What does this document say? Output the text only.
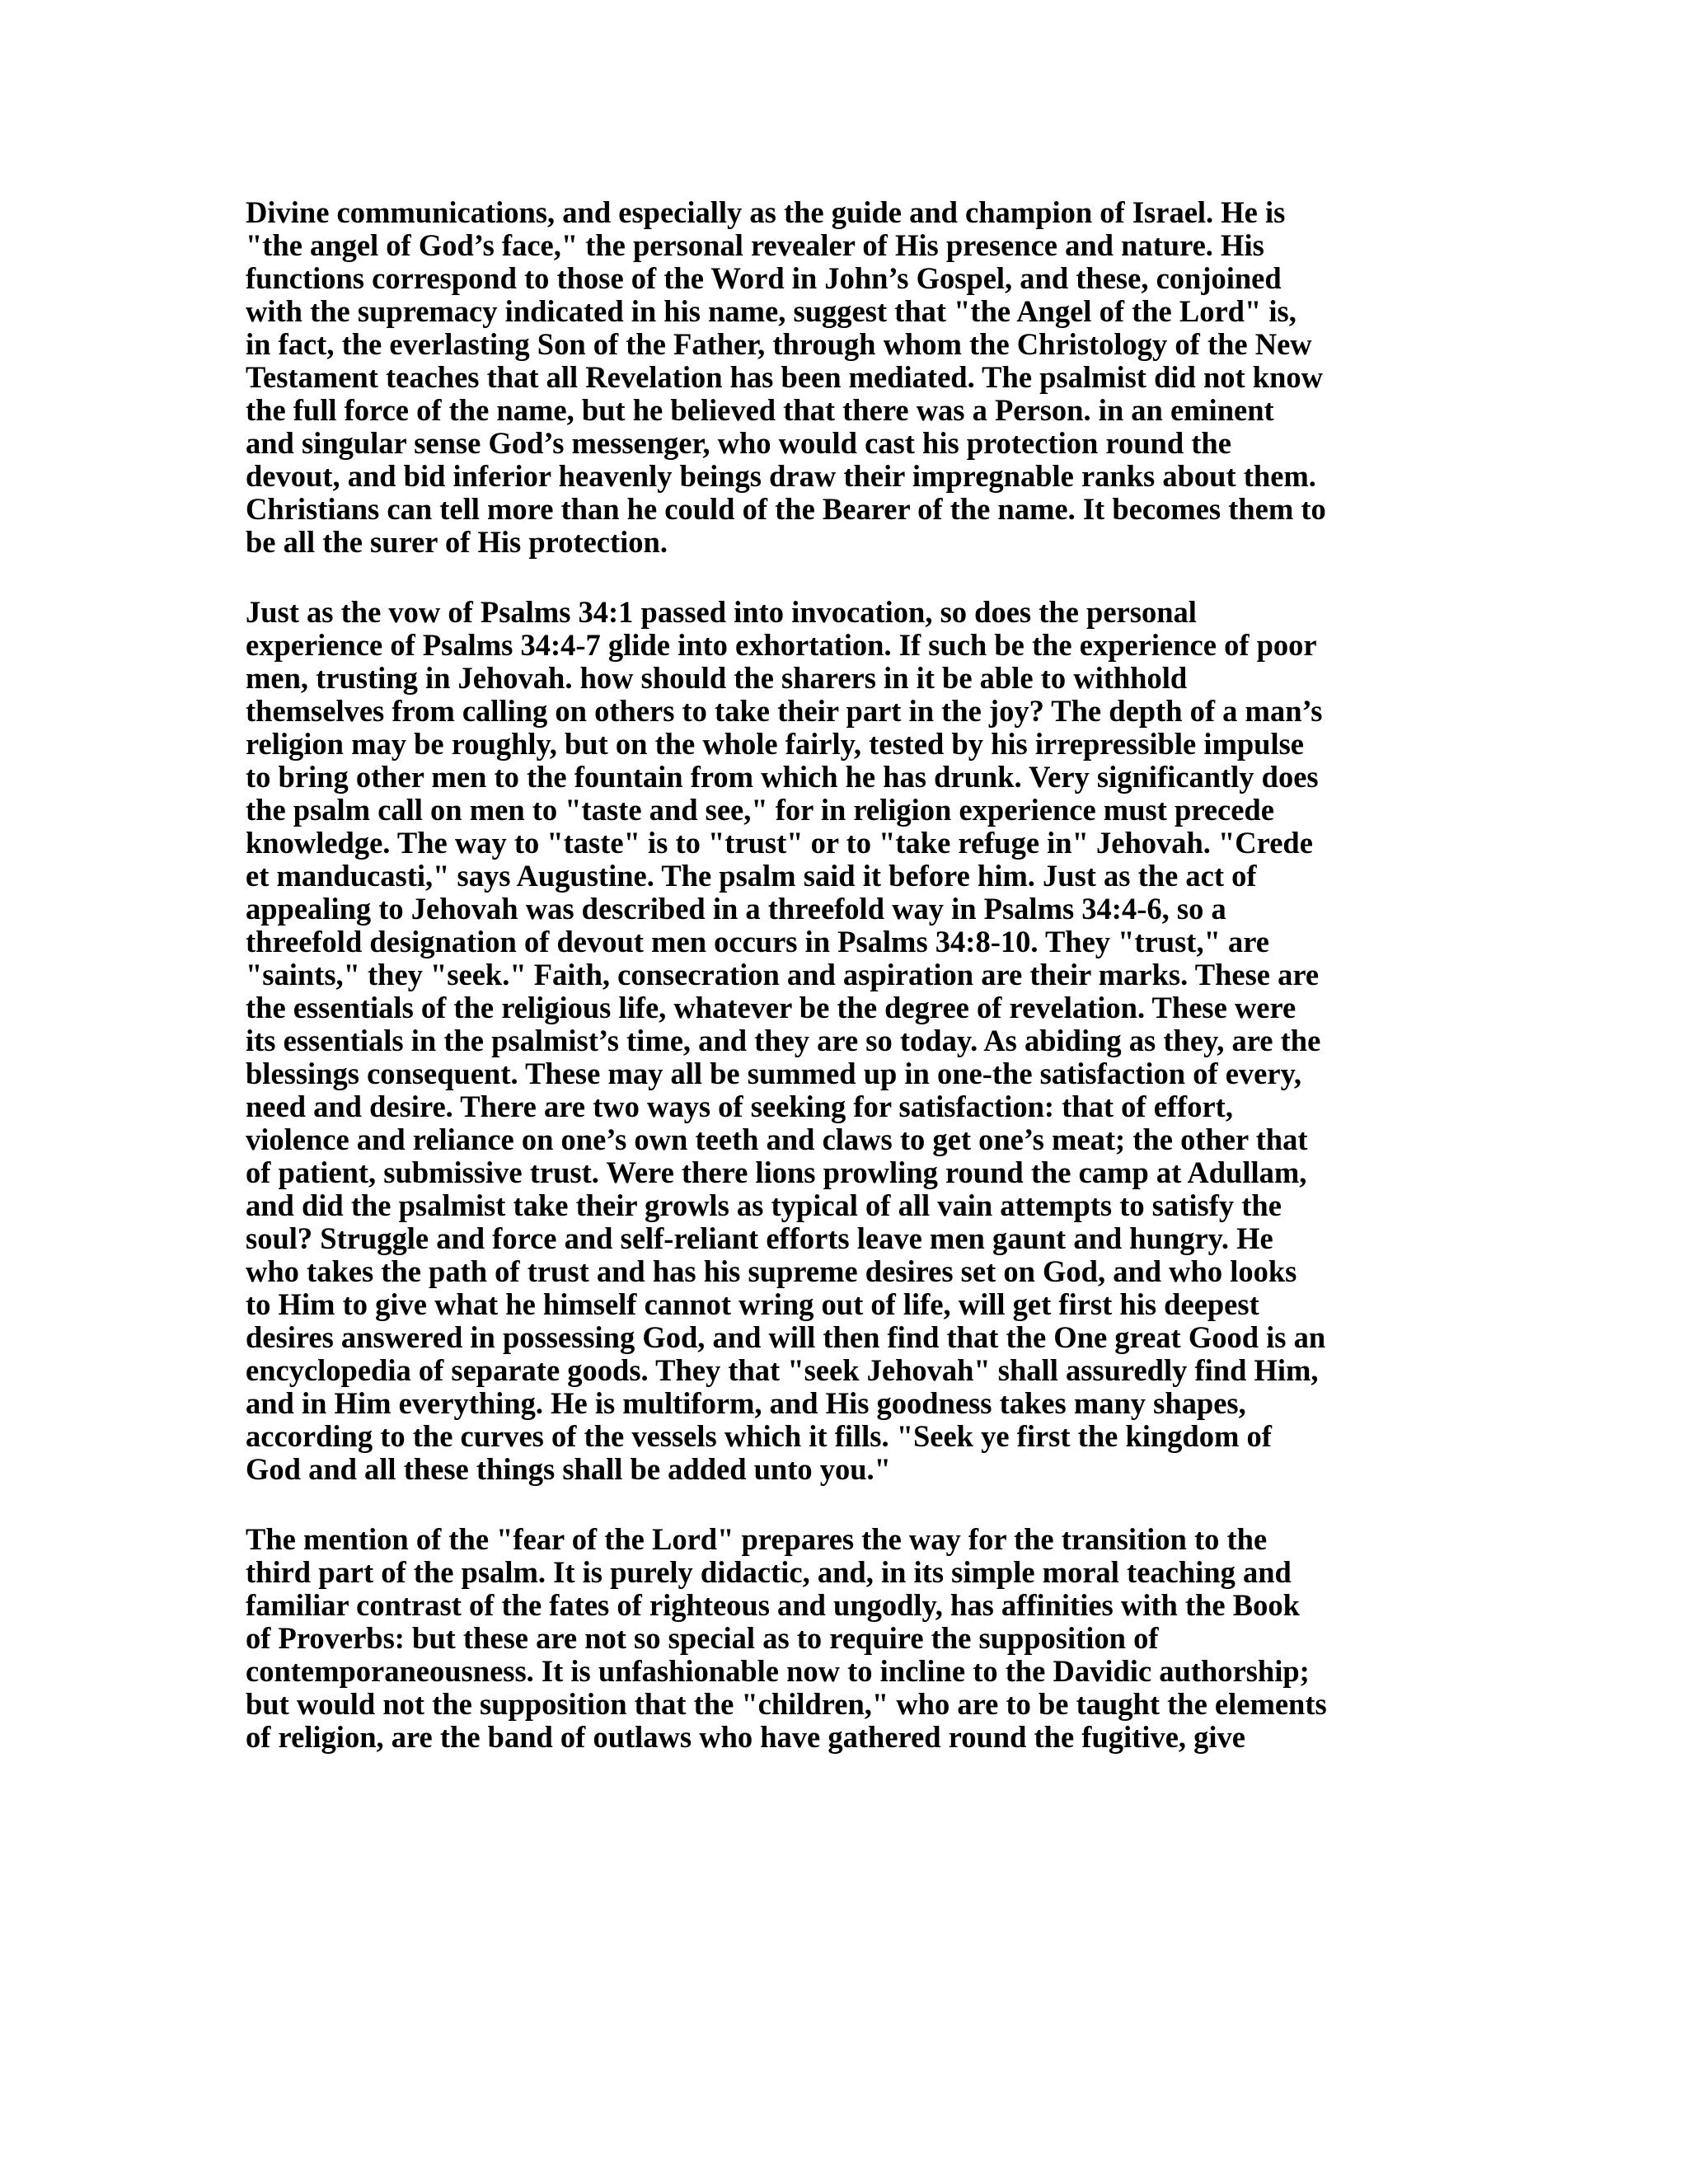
Divine communications, and especially as the guide and champion of Israel. He is
"the angel of God’s face," the personal revealer of His presence and nature. His
functions correspond to those of the Word in John’s Gospel, and these, conjoined
with the supremacy indicated in his name, suggest that "the Angel of the Lord" is,
in fact, the everlasting Son of the Father, through whom the Christology of the New
Testament teaches that all Revelation has been mediated. The psalmist did not know
the full force of the name, but he believed that there was a Person. in an eminent
and singular sense God’s messenger, who would cast his protection round the
devout, and bid inferior heavenly beings draw their impregnable ranks about them.
Christians can tell more than he could of the Bearer of the name. It becomes them to
be all the surer of His protection.
Just as the vow of Psalms 34:1 passed into invocation, so does the personal
experience of Psalms 34:4-7 glide into exhortation. If such be the experience of poor
men, trusting in Jehovah. how should the sharers in it be able to withhold
themselves from calling on others to take their part in the joy? The depth of a man’s
religion may be roughly, but on the whole fairly, tested by his irrepressible impulse
to bring other men to the fountain from which he has drunk. Very significantly does
the psalm call on men to "taste and see," for in religion experience must precede
knowledge. The way to "taste" is to "trust" or to "take refuge in" Jehovah. "Crede
et manducasti," says Augustine. The psalm said it before him. Just as the act of
appealing to Jehovah was described in a threefold way in Psalms 34:4-6, so a
threefold designation of devout men occurs in Psalms 34:8-10. They "trust," are
"saints," they "seek." Faith, consecration and aspiration are their marks. These are
the essentials of the religious life, whatever be the degree of revelation. These were
its essentials in the psalmist’s time, and they are so today. As abiding as they, are the
blessings consequent. These may all be summed up in one-the satisfaction of every,
need and desire. There are two ways of seeking for satisfaction: that of effort,
violence and reliance on one’s own teeth and claws to get one’s meat; the other that
of patient, submissive trust. Were there lions prowling round the camp at Adullam,
and did the psalmist take their growls as typical of all vain attempts to satisfy the
soul? Struggle and force and self-reliant efforts leave men gaunt and hungry. He
who takes the path of trust and has his supreme desires set on God, and who looks
to Him to give what he himself cannot wring out of life, will get first his deepest
desires answered in possessing God, and will then find that the One great Good is an
encyclopedia of separate goods. They that "seek Jehovah" shall assuredly find Him,
and in Him everything. He is multiform, and His goodness takes many shapes,
according to the curves of the vessels which it fills. "Seek ye first the kingdom of
God and all these things shall be added unto you."
The mention of the "fear of the Lord" prepares the way for the transition to the
third part of the psalm. It is purely didactic, and, in its simple moral teaching and
familiar contrast of the fates of righteous and ungodly, has affinities with the Book
of Proverbs: but these are not so special as to require the supposition of
contemporaneousness. It is unfashionable now to incline to the Davidic authorship;
but would not the supposition that the "children," who are to be taught the elements
of religion, are the band of outlaws who have gathered round the fugitive, give
